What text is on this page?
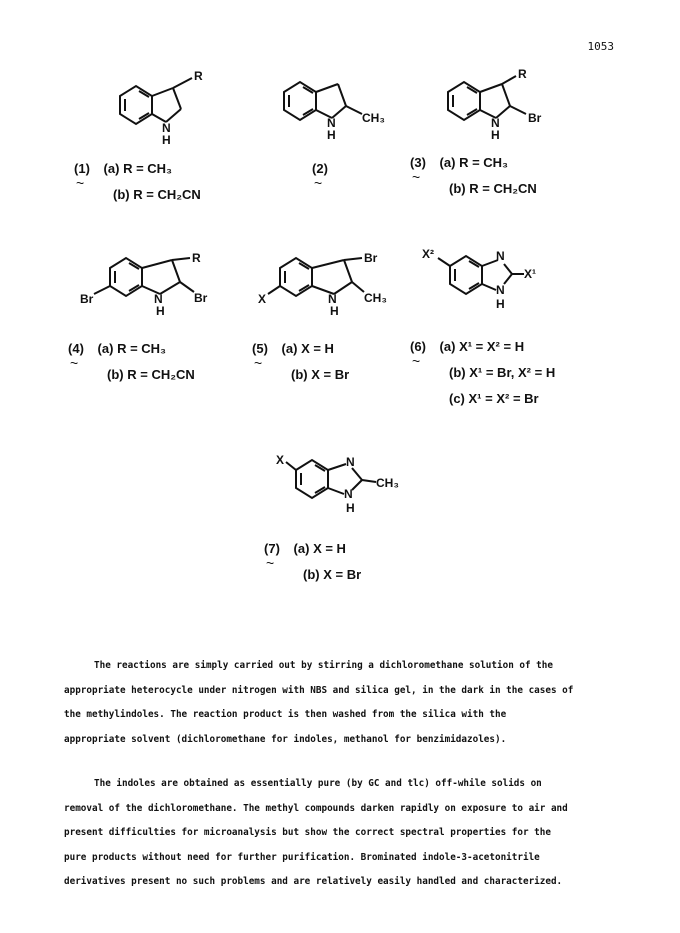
1053
R
N
H
N
H
CH₃
R
N
H
Br
(1)
~
(a) R = CH₃
(b) R = CH₂CN
(2)
~
(3)
~
(a) R = CH₃
(b) R = CH₂CN
R
N
H
Br
Br
Br
N
H
CH₃
X
X²	N
N
H
X¹
(4)
~
(a) R = CH₃
(b) R = CH₂CN
(5)
~
(a) X = H
(b) X = Br
(6)
~
(a) X¹ = X² = H
(b) X¹ = Br, X² = H
(c) X¹ = X² = Br
X	N
N
H
CH₃
(7)
~
(a) X = H
(b) X = Br
The reactions are simply carried out by stirring a dichloromethane solution of the
appropriate heterocycle under nitrogen with NBS and silica gel, in the dark in the cases of
the methylindoles. The reaction product is then washed from the silica with the
appropriate solvent (dichloromethane for indoles, methanol for benzimidazoles).
The indoles are obtained as essentially pure (by GC and tlc) off-while solids on
removal of the dichloromethane. The methyl compounds darken rapidly on exposure to air and
present difficulties for microanalysis but show the correct spectral properties for the
pure products without need for further purification. Brominated indole-3-acetonitrile
derivatives present no such problems and are relatively easily handled and characterized.
